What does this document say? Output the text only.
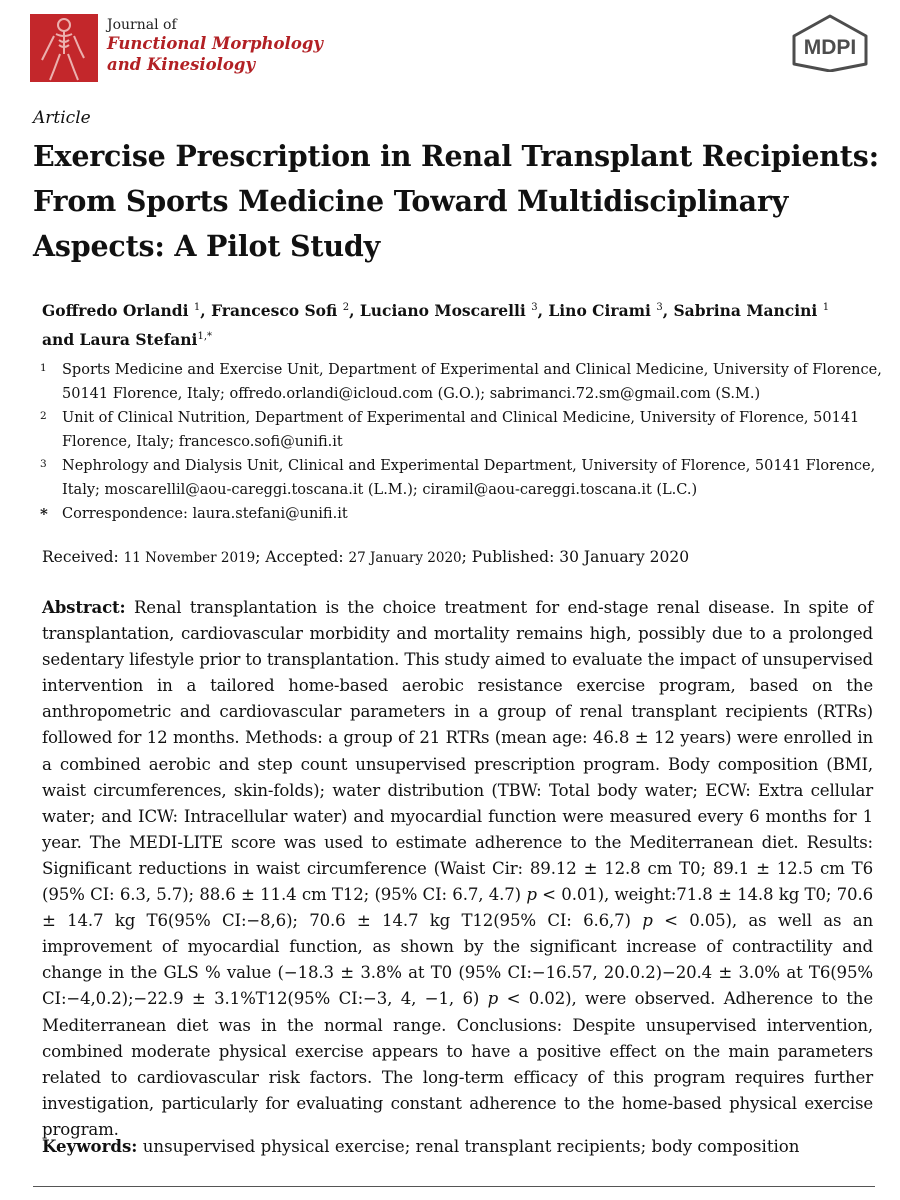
Journal of
Functional Morphology
and Kinesiology
MDPI
Article
Exercise Prescription in Renal Transplant Recipients: From Sports Medicine Toward Multidisciplinary Aspects: A Pilot Study
Goffredo Orlandi $^1$, Francesco Sofi $^2$, Luciano Moscarelli $^3$, Lino Cirami $^3$, Sabrina Mancini $^1$
and Laura Stefani$^{1,*}$
1 Sports Medicine and Exercise Unit, Department of Experimental and Clinical Medicine, University of Florence, 50141 Florence, Italy; offredo.orlandi@icloud.com (G.O.); sabrimanci.72.sm@gmail.com (S.M.)
2 Unit of Clinical Nutrition, Department of Experimental and Clinical Medicine, University of Florence, 50141 Florence, Italy; francesco.sofi@unifi.it
3 Nephrology and Dialysis Unit, Clinical and Experimental Department, University of Florence, 50141 Florence, Italy; moscarellil@aou-careggi.toscana.it (L.M.); ciramil@aou-careggi.toscana.it (L.C.)
* Correspondence: laura.stefani@unifi.it
Received: 11 November 2019; Accepted: 27 January 2020; Published: 30 January 2020

Abstract: Renal transplantation is the choice treatment for end-stage renal disease. In spite of transplantation, cardiovascular morbidity and mortality remains high, possibly due to a prolonged sedentary lifestyle prior to transplantation. This study aimed to evaluate the impact of unsupervised intervention in a tailored home-based aerobic resistance exercise program, based on the anthropometric and cardiovascular parameters in a group of renal transplant recipients (RTRs) followed for 12 months. Methods: a group of 21 RTRs (mean age: 46.8 ± 12 years) were enrolled in a combined aerobic and step count unsupervised prescription program. Body composition (BMI, waist circumferences, skin-folds); water distribution (TBW: Total body water; ECW: Extra cellular water; and ICW: Intracellular water) and myocardial function were measured every 6 months for 1 year. The MEDI-LITE score was used to estimate adherence to the Mediterranean diet. Results: Significant reductions in waist circumference (Waist Cir: 89.12 ± 12.8 cm T0; 89.1 ± 12.5 cm T6 (95% CI: 6.3, 5.7); 88.6 ± 11.4 cm T12; (95% CI: 6.7, 4.7) p < 0.01), weight:71.8 ± 14.8 kg T0; 70.6 ± 14.7 kg T6(95% CI:−8,6); 70.6 ± 14.7 kg T12(95% CI: 6.6,7) p < 0.05), as well as an improvement of myocardial function, as shown by the significant increase of contractility and change in the GLS % value (−18.3 ± 3.8% at T0 (95% CI:−16.57, 20.0.2)−20.4 ± 3.0% at T6(95% CI:−4,0.2);−22.9 ± 3.1%T12(95% CI:−3, 4, −1, 6) p < 0.02), were observed. Adherence to the Mediterranean diet was in the normal range. Conclusions: Despite unsupervised intervention, combined moderate physical exercise appears to have a positive effect on the main parameters related to cardiovascular risk factors. The long-term efficacy of this program requires further investigation, particularly for evaluating constant adherence to the home-based physical exercise program.

Keywords: unsupervised physical exercise; renal transplant recipients; body composition
